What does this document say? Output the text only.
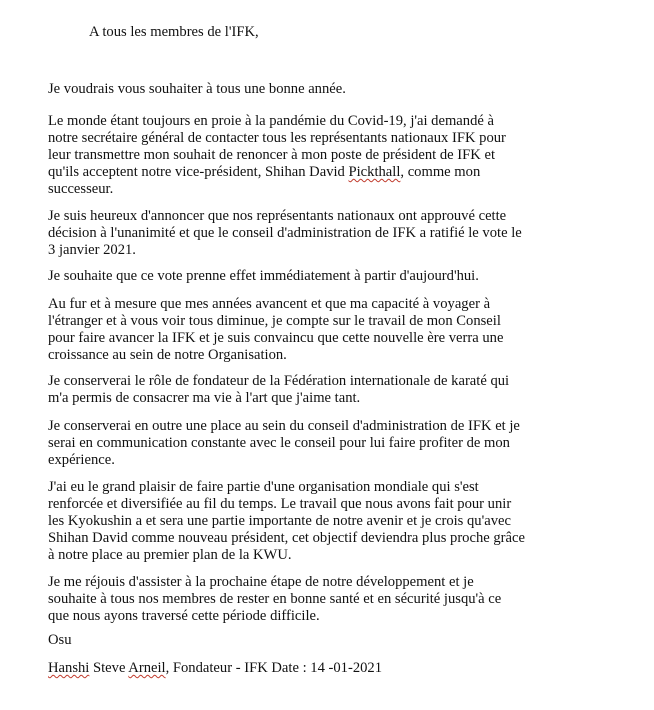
A tous les membres de l'IFK,
Je voudrais vous souhaiter à tous une bonne année.
Le monde étant toujours en proie à la pandémie du Covid-19, j'ai demandé à
notre secrétaire général de contacter tous les représentants nationaux IFK pour
leur transmettre mon souhait de renoncer à mon poste de président de IFK et
qu'ils acceptent notre vice-président, Shihan David Pickthall, comme mon
successeur.
Je suis heureux d'annoncer que nos représentants nationaux ont approuvé cette
décision à l'unanimité et que le conseil d'administration de IFK a ratifié le vote le
3 janvier 2021.
Je souhaite que ce vote prenne effet immédiatement à partir d'aujourd'hui.
Au fur et à mesure que mes années avancent et que ma capacité à voyager à
l'étranger et à vous voir tous diminue, je compte sur le travail de mon Conseil
pour faire avancer la IFK et je suis convaincu que cette nouvelle ère verra une
croissance au sein de notre Organisation.
Je conserverai le rôle de fondateur de la Fédération internationale de karaté qui
m'a permis de consacrer ma vie à l'art que j'aime tant.
Je conserverai en outre une place au sein du conseil d'administration de IFK et je
serai en communication constante avec le conseil pour lui faire profiter de mon
expérience.
J'ai eu le grand plaisir de faire partie d'une organisation mondiale qui s'est
renforcée et diversifiée au fil du temps. Le travail que nous avons fait pour unir
les Kyokushin a et sera une partie importante de notre avenir et je crois qu'avec
Shihan David comme nouveau président, cet objectif deviendra plus proche grâce
à notre place au premier plan de la KWU.
Je me réjouis d'assister à la prochaine étape de notre développement et je
souhaite à tous nos membres de rester en bonne santé et en sécurité jusqu'à ce
que nous ayons traversé cette période difficile.
Osu
Hanshi Steve Arneil, Fondateur - IFK Date : 14 -01-2021
